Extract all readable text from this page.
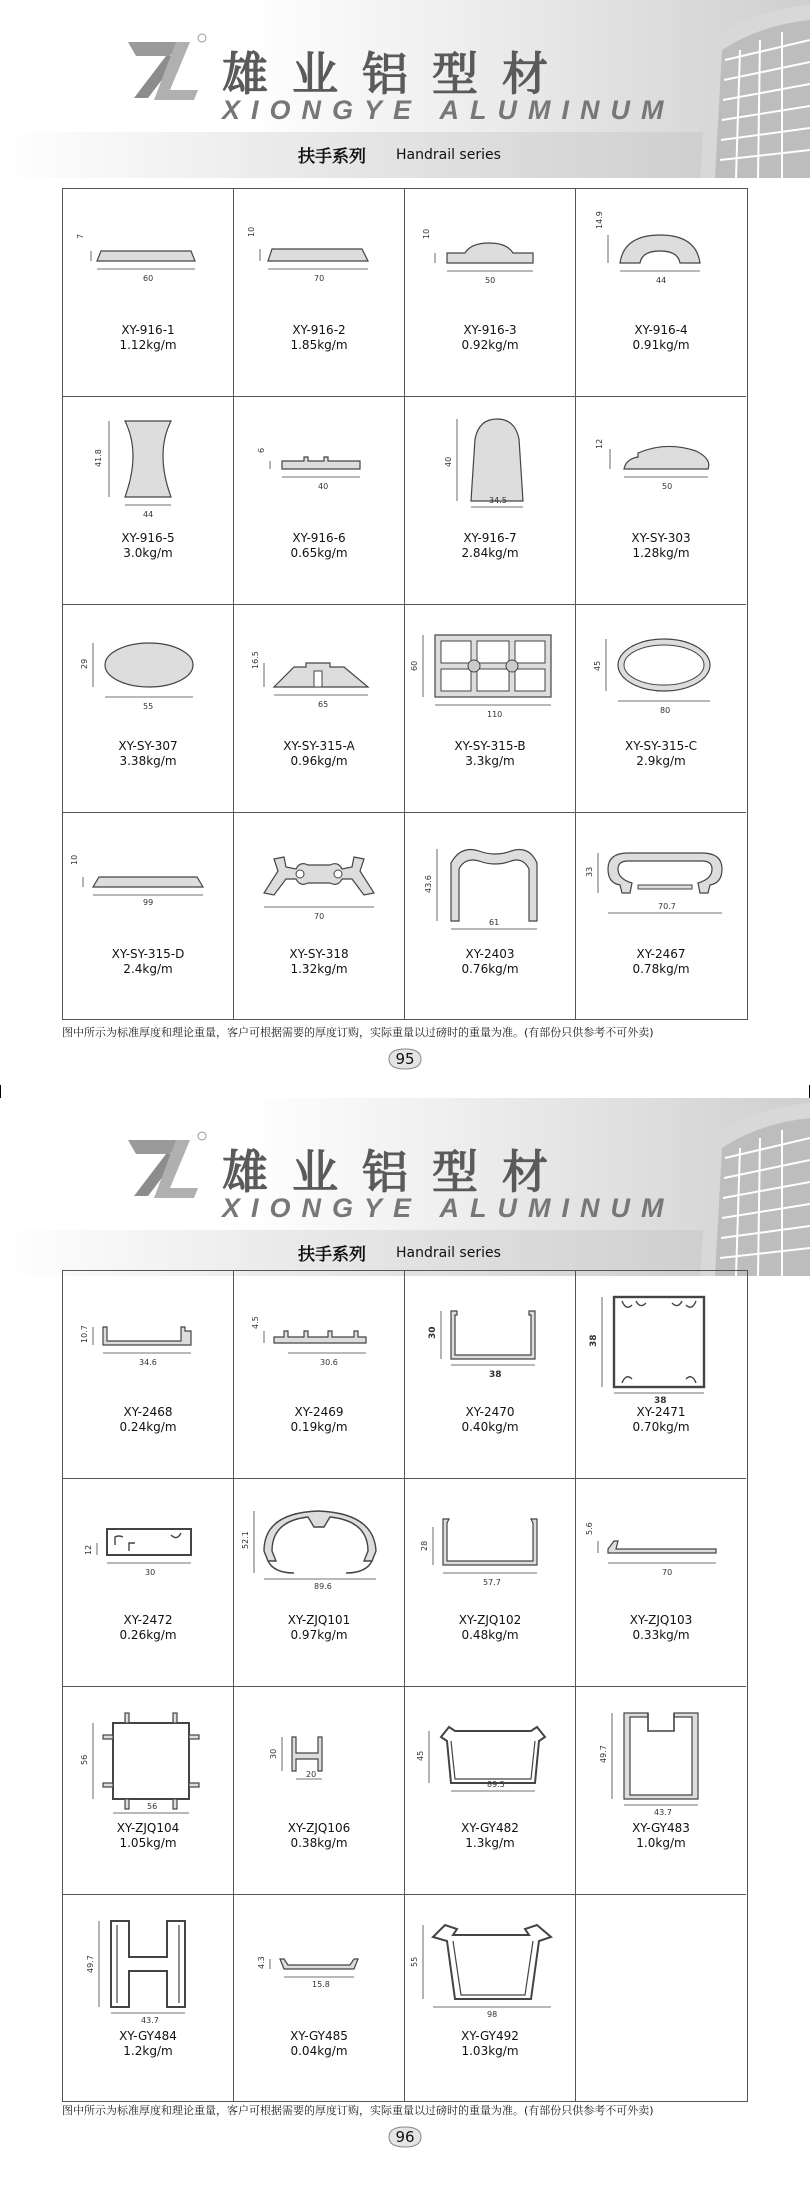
雄业铝型材
XIONGYE ALUMINUM
扶手系列 Handrail series
7
60
XY-916-1
1.12kg/m
10
70
XY-916-2
1.85kg/m
10
50
XY-916-3
0.92kg/m
14.9
44
XY-916-4
0.91kg/m
41.8
44
XY-916-5
3.0kg/m
6
40
XY-916-6
0.65kg/m
40
34.5
XY-916-7
2.84kg/m
12
50
XY-SY-303
1.28kg/m
29
55
XY-SY-307
3.38kg/m
16.5
65
XY-SY-315-A
0.96kg/m
60
110
XY-SY-315-B
3.3kg/m
45
80
XY-SY-315-C
2.9kg/m
10
99
XY-SY-315-D
2.4kg/m
70
XY-SY-318
1.32kg/m
43.6
61
XY-2403
0.76kg/m
33
70.7
XY-2467
0.78kg/m
图中所示为标准厚度和理论重量，客户可根据需要的厚度订购，实际重量以过磅时的重量为准。(有部份只供参考不可外卖)
95
雄业铝型材
XIONGYE ALUMINUM
扶手系列 Handrail series
10.7
34.6
XY-2468
0.24kg/m
4.5
30.6
XY-2469
0.19kg/m
30
38
XY-2470
0.40kg/m
38
38
XY-2471
0.70kg/m
12
30
XY-2472
0.26kg/m
52.1
89.6
XY-ZJQ101
0.97kg/m
28
57.7
XY-ZJQ102
0.48kg/m
5.6
70
XY-ZJQ103
0.33kg/m
56
56
XY-ZJQ104
1.05kg/m
30
20
XY-ZJQ106
0.38kg/m
45
89.5
XY-GY482
1.3kg/m
49.7
43.7
XY-GY483
1.0kg/m
49.7
43.7
XY-GY484
1.2kg/m
4.3
15.8
XY-GY485
0.04kg/m
55
98
XY-GY492
1.03kg/m
图中所示为标准厚度和理论重量，客户可根据需要的厚度订购，实际重量以过磅时的重量为准。(有部份只供参考不可外卖)
96
